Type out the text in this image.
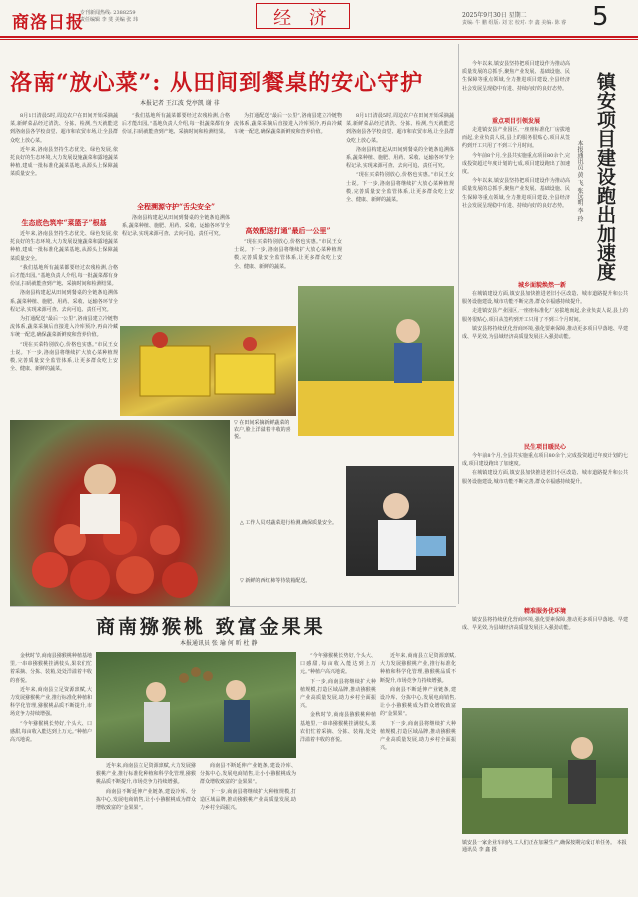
商洛日报
专刊新闻热线: 2388259
责任编辑 李 斐 美编 张 玮	经 济	2025年9月30日 星期二
责编: 牛 鹏 组版: 刘 宏 校对: 李 鑫 美编: 陈 睿 5
洛南“放心菜”: 从田间到餐桌的安心守护
本报记者 王江波 党亭凯 谢 非

8月1日清晨5时,周边农户在田间开始采摘蔬菜,新鲜菜品经过清洗、分拣、检测,当天就能送到洛南县各学校食堂、超市和农贸市场,让全县群众吃上放心菜。

近年来,洛南县坚持生态优先、绿色发展,依托良好的生态环境,大力发展设施蔬菜和露地蔬菜种植,建成一批标准化蔬菜基地,从源头上保障蔬菜质量安全。

生态底色筑牢“菜篮子”根基

近年来,洛南县坚持生态优先、绿色发展,依托良好的生态环境,大力发展设施蔬菜和露地蔬菜种植,建成一批标准化蔬菜基地,从源头上保障蔬菜质量安全。

“我们基地所有蔬菜都要经过农残检测,合格后才能出园。”基地负责人介绍,每一批蔬菜都有身份证,扫码就能查到产地、采摘时间和检测结果。

洛南县构建起从田间到餐桌的全链条追溯体系,蔬菜种植、施肥、用药、采收、运输各环节全程记录,实现来源可查、去向可追、责任可究。

为打通配送“最后一公里”,洛南县建立冷链物流体系,蔬菜采摘后直接进入冷库预冷,再由冷藏车统一配送,确保蔬菜新鲜度和营养价值。

“现在买菜特别放心,价格也实惠。”市民王女士说。下一步,洛南县将继续扩大放心菜种植规模,完善质量安全监管体系,让更多群众吃上安全、健康、新鲜的蔬菜。

“我们基地所有蔬菜都要经过农残检测,合格后才能出园。”基地负责人介绍,每一批蔬菜都有身份证,扫码就能查到产地、采摘时间和检测结果。

全程溯源守护“舌尖安全”

洛南县构建起从田间到餐桌的全链条追溯体系,蔬菜种植、施肥、用药、采收、运输各环节全程记录,实现来源可查、去向可追、责任可究。

为打通配送“最后一公里”,洛南县建立冷链物流体系,蔬菜采摘后直接进入冷库预冷,再由冷藏车统一配送,确保蔬菜新鲜度和营养价值。

高效配送打通“最后一公里”

“现在买菜特别放心,价格也实惠。”市民王女士说。下一步,洛南县将继续扩大放心菜种植规模,完善质量安全监管体系,让更多群众吃上安全、健康、新鲜的蔬菜。

8月1日清晨5时,周边农户在田间开始采摘蔬菜,新鲜菜品经过清洗、分拣、检测,当天就能送到洛南县各学校食堂、超市和农贸市场,让全县群众吃上放心菜。

洛南县构建起从田间到餐桌的全链条追溯体系,蔬菜种植、施肥、用药、采收、运输各环节全程记录,实现来源可查、去向可追、责任可究。

“现在买菜特别放心,价格也实惠。”市民王女士说。下一步,洛南县将继续扩大放心菜种植规模,完善质量安全监管体系,让更多群众吃上安全、健康、新鲜的蔬菜。

▽ 在田间采摘新鲜蔬菜的农户,脸上洋溢着丰收的喜悦。
△ 工作人员对蔬菜进行检测,确保质量安全。
▽ 新鲜的西红柿等待装箱配送。
镇安项目建设跑出加速度
本报通讯员 黄 飞 张远明 李 玲

今年以来,镇安县坚持把项目建设作为推动高质量发展的总抓手,聚焦产业发展、基础设施、民生保障等重点领域,全力推进项目建设,全县经济社会发展呈现稳中有进、持续向好的良好态势。

重点项目引领发展

走进镇安县产业园区,一座座标准化厂房拔地而起,企业负责人说,县上的服务很贴心,项目从签约到开工只用了不到三个月时间。

今年前8个月,全县共实施重点项目80余个,完成投资超过年度计划的七成,项目建设跑出了加速度。

今年以来,镇安县坚持把项目建设作为推动高质量发展的总抓手,聚焦产业发展、基础设施、民生保障等重点领域,全力推进项目建设,全县经济社会发展呈现稳中有进、持续向好的良好态势。

城乡面貌焕然一新

在城镇建设方面,镇安县加快推进老旧小区改造、城市道路提升和公共服务设施建设,城市功能不断完善,群众幸福感持续提升。

走进镇安县产业园区,一座座标准化厂房拔地而起,企业负责人说,县上的服务很贴心,项目从签约到开工只用了不到三个月时间。

镇安县将持续优化营商环境,强化要素保障,推动更多项目早落地、早建成、早见效,为县域经济高质量发展注入强劲动能。

民生项目暖民心

今年前8个月,全县共实施重点项目80余个,完成投资超过年度计划的七成,项目建设跑出了加速度。

在城镇建设方面,镇安县加快推进老旧小区改造、城市道路提升和公共服务设施建设,城市功能不断完善,群众幸福感持续提升。

精准服务优环境

镇安县将持续优化营商环境,强化要素保障,推动更多项目早落地、早建成、早见效,为县域经济高质量发展注入强劲动能。

商南猕猴桃 致富金果果
本报通讯员 张 瑜 何 昕 杜 静

金秋时节,商南县猕猴桃种植基地里,一串串猕猴桃挂满枝头,果农们忙着采摘、分拣、装箱,处处洋溢着丰收的喜悦。

近年来,商南县立足资源禀赋,大力发展猕猴桃产业,推行标准化种植和科学化管理,猕猴桃品质不断提升,市场竞争力持续增强。

“今年猕猴桃长势好,个头大、口感甜,每亩收入能达到上万元。”种植户高兴地说。

近年来,商南县立足资源禀赋,大力发展猕猴桃产业,推行标准化种植和科学化管理,猕猴桃品质不断提升,市场竞争力持续增强。

商南县不断延伸产业链条,建设冷库、分拣中心,发展电商销售,让小小猕猴桃成为群众增收致富的“金果果”。

商南县不断延伸产业链条,建设冷库、分拣中心,发展电商销售,让小小猕猴桃成为群众增收致富的“金果果”。

下一步,商南县将继续扩大种植规模,打造区域品牌,推动猕猴桃产业高质量发展,助力乡村全面振兴。

“今年猕猴桃长势好,个头大、口感甜,每亩收入能达到上万元。”种植户高兴地说。

下一步,商南县将继续扩大种植规模,打造区域品牌,推动猕猴桃产业高质量发展,助力乡村全面振兴。

金秋时节,商南县猕猴桃种植基地里,一串串猕猴桃挂满枝头,果农们忙着采摘、分拣、装箱,处处洋溢着丰收的喜悦。

近年来,商南县立足资源禀赋,大力发展猕猴桃产业,推行标准化种植和科学化管理,猕猴桃品质不断提升,市场竞争力持续增强。

商南县不断延伸产业链条,建设冷库、分拣中心,发展电商销售,让小小猕猴桃成为群众增收致富的“金果果”。

下一步,商南县将继续扩大种植规模,打造区域品牌,推动猕猴桃产业高质量发展,助力乡村全面振兴。

镇安县一家企业车间内,工人们正在加紧生产,确保按期完成订单任务。 本报通讯员 李 鑫 摄
